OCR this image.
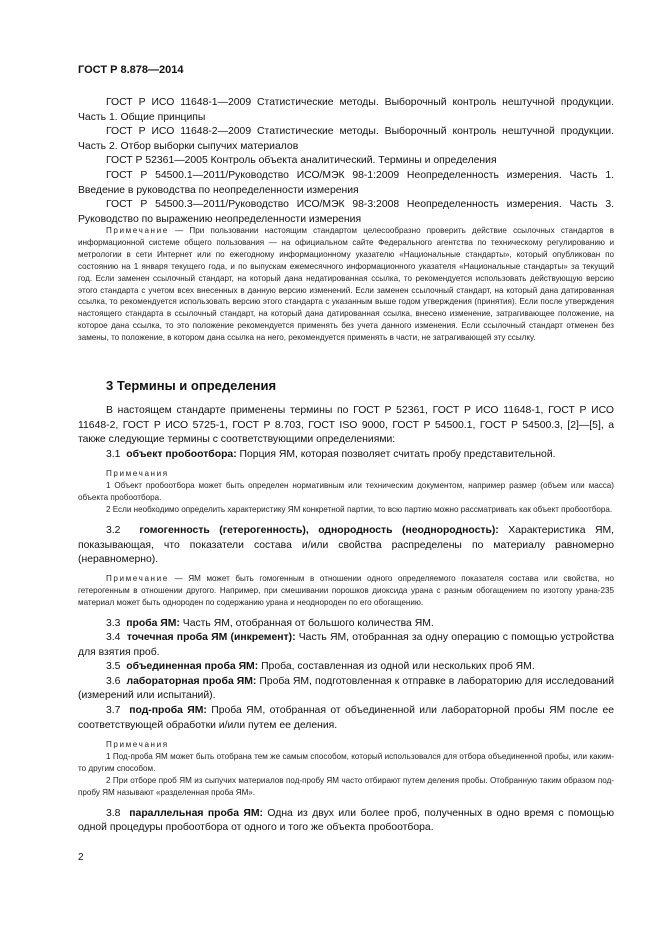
ГОСТ Р 8.878—2014
ГОСТ Р ИСО 11648-1—2009 Статистические методы. Выборочный контроль нештучной продукции. Часть 1. Общие принципы
ГОСТ Р ИСО 11648-2—2009 Статистические методы. Выборочный контроль нештучной продукции. Часть 2. Отбор выборки сыпучих материалов
ГОСТ Р 52361—2005 Контроль объекта аналитический. Термины и определения
ГОСТ Р 54500.1—2011/Руководство ИСО/МЭК 98-1:2009 Неопределенность измерения. Часть 1. Введение в руководства по неопределенности измерения
ГОСТ Р 54500.3—2011/Руководство ИСО/МЭК 98-3:2008 Неопределенность измерения. Часть 3. Руководство по выражению неопределенности измерения
Примечание — При пользовании настоящим стандартом целесообразно проверить действие ссылочных стандартов в информационной системе общего пользования — на официальном сайте Федерального агентства по техническому регулированию и метрологии в сети Интернет или по ежегодному информационному указателю «Национальные стандарты», который опубликован по состоянию на 1 января текущего года, и по выпускам ежемесячного информационного указателя «Национальные стандарты» за текущий год. Если заменен ссылочный стандарт, на который дана недатированная ссылка, то рекомендуется использовать действующую версию этого стандарта с учетом всех внесенных в данную версию изменений. Если заменен ссылочный стандарт, на который дана датированная ссылка, то рекомендуется использовать версию этого стандарта с указанным выше годом утверждения (принятия). Если после утверждения настоящего стандарта в ссылочный стандарт, на который дана датированная ссылка, внесено изменение, затрагивающее положение, на которое дана ссылка, то это положение рекомендуется применять без учета данного изменения. Если ссылочный стандарт отменен без замены, то положение, в котором дана ссылка на него, рекомендуется применять в части, не затрагивающей эту ссылку.
3 Термины и определения
В настоящем стандарте применены термины по ГОСТ Р 52361, ГОСТ Р ИСО 11648-1, ГОСТ Р ИСО 11648-2, ГОСТ Р ИСО 5725-1, ГОСТ Р 8.703, ГОСТ ISO 9000, ГОСТ Р 54500.1, ГОСТ Р 54500.3, [2]—[5], а также следующие термины с соответствующими определениями:
3.1 объект пробоотбора: Порция ЯМ, которая позволяет считать пробу представительной.
Примечания
1 Объект пробоотбора может быть определен нормативным или техническим документом, например размер (объем или масса) объекта пробоотбора.
2 Если необходимо определить характеристику ЯМ конкретной партии, то всю партию можно рассматривать как объект пробоотбора.
3.2 гомогенность (гетерогенность), однородность (неоднородность): Характеристика ЯМ, показывающая, что показатели состава и/или свойства распределены по материалу равномерно (неравномерно).
Примечание — ЯМ может быть гомогенным в отношении одного определяемого показателя состава или свойства, но гетерогенным в отношении другого. Например, при смешивании порошков диоксида урана с разным обогащением по изотопу урана-235 материал может быть однороден по содержанию урана и неоднороден по его обогащению.
3.3 проба ЯМ: Часть ЯМ, отобранная от большого количества ЯМ.
3.4 точечная проба ЯМ (инкремент): Часть ЯМ, отобранная за одну операцию с помощью устройства для взятия проб.
3.5 объединенная проба ЯМ: Проба, составленная из одной или нескольких проб ЯМ.
3.6 лабораторная проба ЯМ: Проба ЯМ, подготовленная к отправке в лабораторию для исследований (измерений или испытаний).
3.7 под-проба ЯМ: Проба ЯМ, отобранная от объединенной или лабораторной пробы ЯМ после ее соответствующей обработки и/или путем ее деления.
Примечания
1 Под-проба ЯМ может быть отобрана тем же самым способом, который использовался для отбора объединенной пробы, или каким-то другим способом.
2 При отборе проб ЯМ из сыпучих материалов под-пробу ЯМ часто отбирают путем деления пробы. Отобранную таким образом под-пробу ЯМ называют «разделенная проба ЯМ».
3.8 параллельная проба ЯМ: Одна из двух или более проб, полученных в одно время с помощью одной процедуры пробоотбора от одного и того же объекта пробоотбора.
2
